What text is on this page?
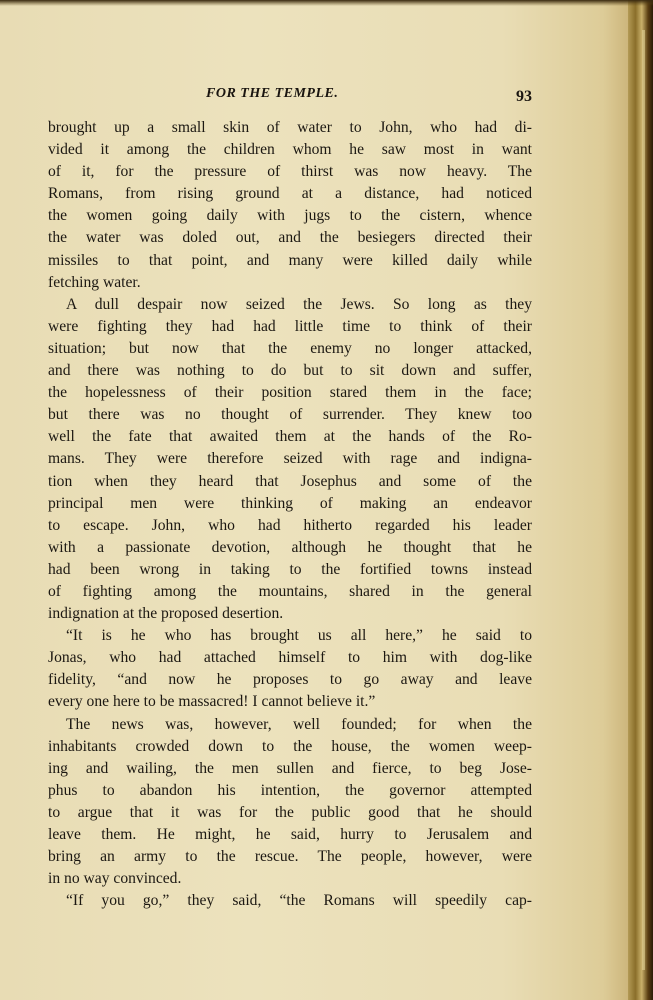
FOR THE TEMPLE.	93
brought up a small skin of water to John, who had di-
vided it among the children whom he saw most in want
of it, for the pressure of thirst was now heavy. The
Romans, from rising ground at a distance, had noticed
the women going daily with jugs to the cistern, whence
the water was doled out, and the besiegers directed their
missiles to that point, and many were killed daily while
fetching water.
A dull despair now seized the Jews. So long as they
were fighting they had had little time to think of their
situation; but now that the enemy no longer attacked,
and there was nothing to do but to sit down and suffer,
the hopelessness of their position stared them in the face;
but there was no thought of surrender. They knew too
well the fate that awaited them at the hands of the Ro-
mans. They were therefore seized with rage and indigna-
tion when they heard that Josephus and some of the
principal men were thinking of making an endeavor
to escape. John, who had hitherto regarded his leader
with a passionate devotion, although he thought that he
had been wrong in taking to the fortified towns instead
of fighting among the mountains, shared in the general
indignation at the proposed desertion.
“It is he who has brought us all here,” he said to
Jonas, who had attached himself to him with dog-like
fidelity, “and now he proposes to go away and leave
every one here to be massacred! I cannot believe it.”
The news was, however, well founded; for when the
inhabitants crowded down to the house, the women weep-
ing and wailing, the men sullen and fierce, to beg Jose-
phus to abandon his intention, the governor attempted
to argue that it was for the public good that he should
leave them. He might, he said, hurry to Jerusalem and
bring an army to the rescue. The people, however, were
in no way convinced.
“If you go,” they said, “the Romans will speedily cap-
